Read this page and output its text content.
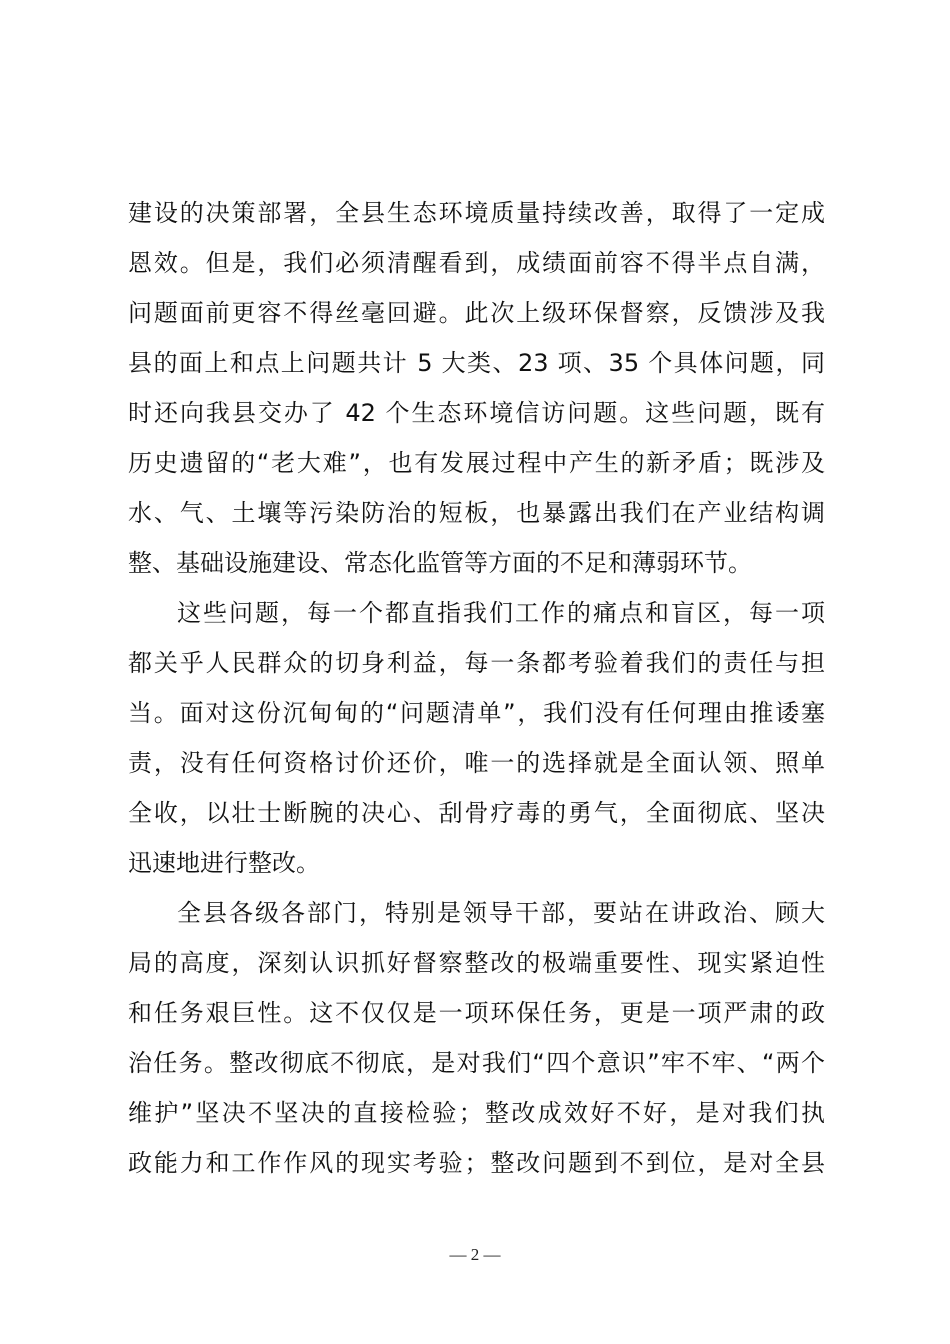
建设的决策部署，全县生态环境质量持续改善，取得了一定成
恩效。但是，我们必须清醒看到，成绩面前容不得半点自满，
问题面前更容不得丝毫回避。此次上级环保督察，反馈涉及我
县的面上和点上问题共计 5 大类、23 项、35 个具体问题，同
时还向我县交办了 42 个生态环境信访问题。这些问题，既有
历史遗留的“老大难”，也有发展过程中产生的新矛盾；既涉及
水、气、土壤等污染防治的短板，也暴露出我们在产业结构调
整、基础设施建设、常态化监管等方面的不足和薄弱环节。
这些问题，每一个都直指我们工作的痛点和盲区，每一项
都关乎人民群众的切身利益，每一条都考验着我们的责任与担
当。面对这份沉甸甸的“问题清单”，我们没有任何理由推诿塞
责，没有任何资格讨价还价，唯一的选择就是全面认领、照单
全收，以壮士断腕的决心、刮骨疗毒的勇气，全面彻底、坚决
迅速地进行整改。
全县各级各部门，特别是领导干部，要站在讲政治、顾大
局的高度，深刻认识抓好督察整改的极端重要性、现实紧迫性
和任务艰巨性。这不仅仅是一项环保任务，更是一项严肃的政
治任务。整改彻底不彻底，是对我们“四个意识”牢不牢、“两个
维护”坚决不坚决的直接检验；整改成效好不好，是对我们执
政能力和工作作风的现实考验；整改问题到不到位，是对全县
— 2 —
